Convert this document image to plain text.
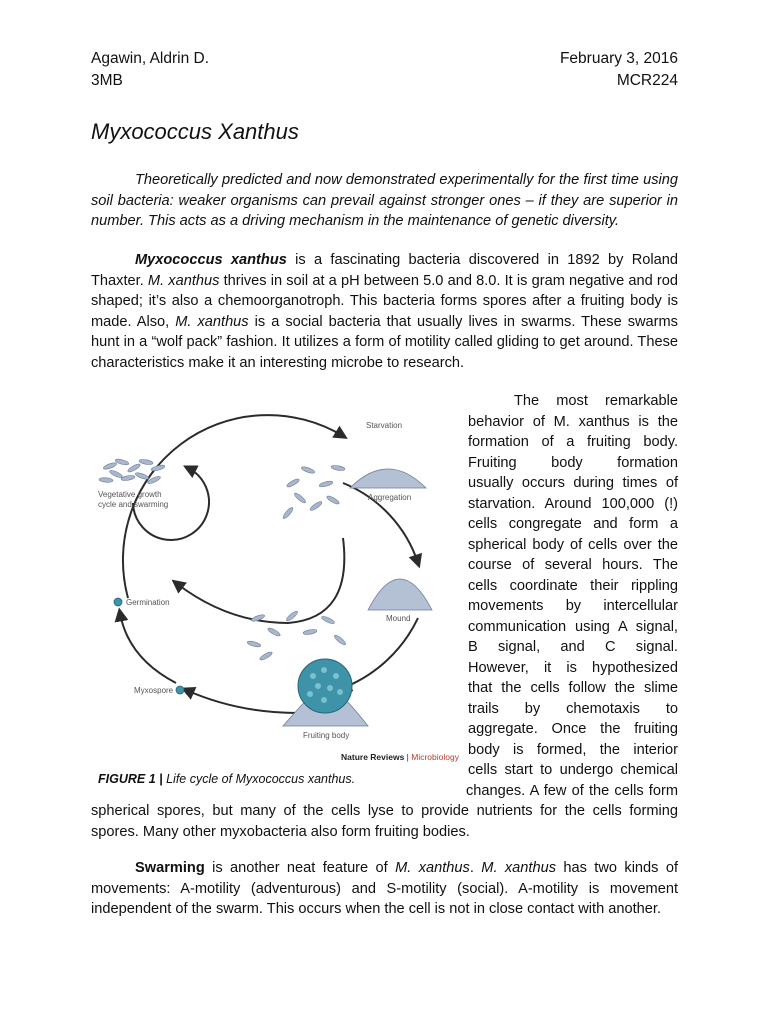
Agawin, Aldrin D.
3MB
February 3, 2016
MCR224
Myxococcus Xanthus

Theoretically predicted and now demonstrated experimentally for the first time using soil bacteria: weaker organisms can prevail against stronger ones – if they are superior in number. This acts as a driving mechanism in the maintenance of genetic diversity.

Myxococcus xanthus is a fascinating bacteria discovered in 1892 by Roland Thaxter. M. xanthus thrives in soil at a pH between 5.0 and 8.0. It is gram negative and rod shaped; it’s also a chemoorganotroph. This bacteria forms spores after a fruiting body is made. Also, M. xanthus is a social bacteria that usually lives in swarms. These swarms hunt in a “wolf pack” fashion. It utilizes a form of motility called gliding to get around. These characteristics make it an interesting microbe to research.

Vegetative growth
cycle and swarming
Starvation
Aggregation
Mound
Germination
Myxospore
Fruiting body
Nature Reviews | Microbiology
FIGURE 1 | Life cycle of Myxococcus xanthus.
The most remarkable
behavior of M. xanthus is the
formation of a fruiting body.
Fruiting body formation
usually occurs during times of
starvation. Around 100,000 (!)
cells congregate and form a
spherical body of cells over the
course of several hours. The
cells coordinate their rippling
movements by intercellular
communication using A signal,
B signal, and C signal.
However, it is hypothesized
that the cells follow the slime
trails by chemotaxis to
aggregate. Once the fruiting
body is formed, the interior
cells start to undergo chemical
changes. A few of the cells form

spherical spores, but many of the cells lyse to provide nutrients for the cells forming spores. Many other myxobacteria also form fruiting bodies.

Swarming is another neat feature of M. xanthus. M. xanthus has two kinds of movements: A-motility (adventurous) and S-motility (social). A-motility is movement independent of the swarm. This occurs when the cell is not in close contact with another.
